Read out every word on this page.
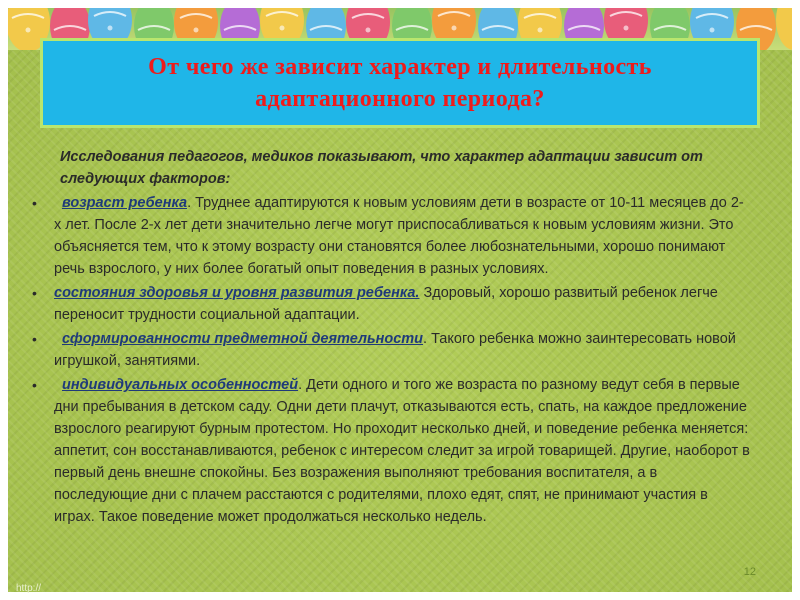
От чего же зависит характер и длительность
адаптационного периода?

Исследования педагогов, медиков показывают, что характер адаптации зависит от следующих факторов:

• возраст ребенка. Труднее адаптируются к новым условиям дети в возрасте от 10-11 месяцев до 2-х лет. После 2-х лет дети значительно легче могут приспосабливаться к новым условиям жизни. Это объясняется тем, что к этому возрасту они становятся более любознательными, хорошо понимают речь взрослого, у них более богатый опыт поведения в разных условиях.

• состояния здоровья и уровня развития ребенка. Здоровый, хорошо развитый ребенок легче переносит трудности социальной адаптации.

• сформированности предметной деятельности. Такого ребенка можно заинтересовать новой игрушкой, занятиями.

• индивидуальных особенностей. Дети одного и того же возраста по разному ведут себя в первые дни пребывания в детском саду. Одни дети плачут, отказываются есть, спать, на каждое предложение взрослого реагируют бурным протестом. Но проходит несколько дней, и поведение ребенка меняется: аппетит, сон восстанавливаются, ребенок с интересом следит за игрой товарищей. Другие, наоборот в первый день внешне спокойны. Без возражения выполняют требования воспитателя, а в последующие дни с плачем расстаются с родителями, плохо едят, спят, не принимают участия в играх. Такое поведение может продолжаться несколько недель.

http://
12
